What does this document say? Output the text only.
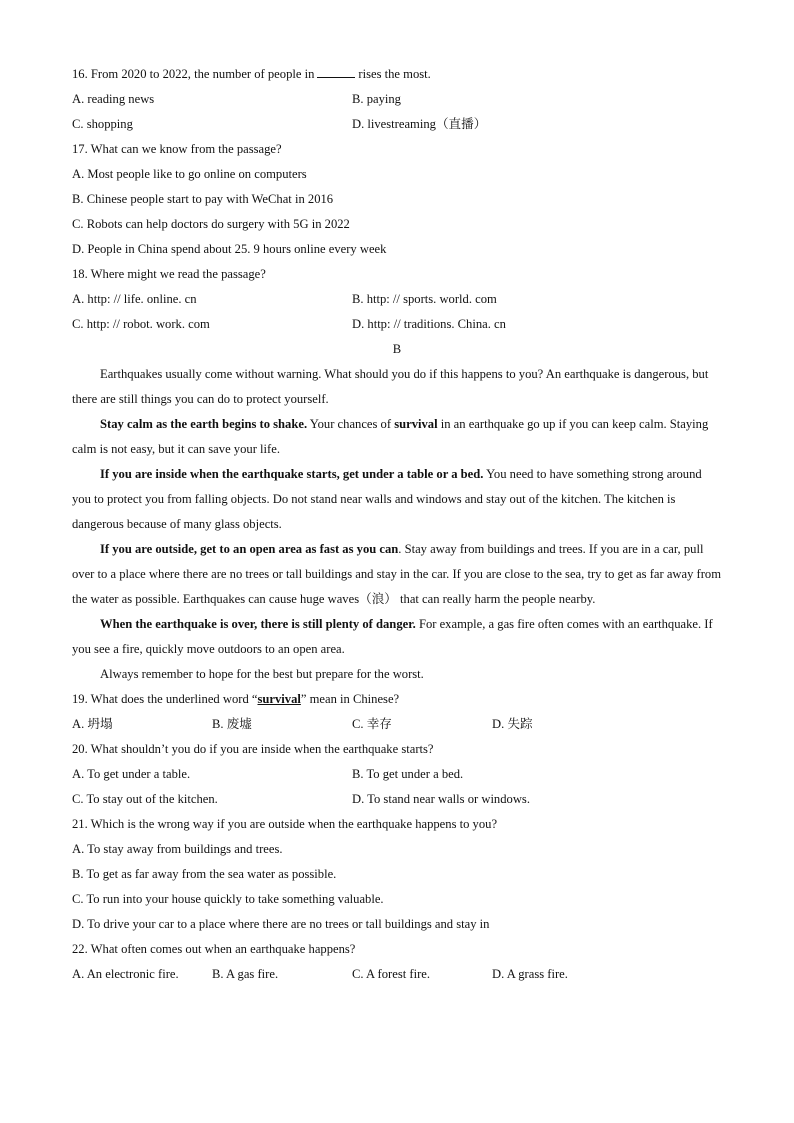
16. From 2020 to 2022, the number of people in	rises the most.
A. reading news	B. paying
C. shopping	D. livestreaming（直播）
17. What can we know from the passage?
A. Most people like to go online on computers
B. Chinese people start to pay with WeChat in 2016
C. Robots can help doctors do surgery with 5G in 2022
D. People in China spend about 25. 9 hours online every week
18. Where might we read the passage?
A. http: // life. online. cn	B. http: // sports. world. com
C. http: // robot. work. com	D. http: // traditions. China. cn
B
Earthquakes usually come without warning. What should you do if this happens to you? An earthquake is dangerous, but there are still things you can do to protect yourself.
Stay calm as the earth begins to shake. Your chances of survival in an earthquake go up if you can keep calm. Staying calm is not easy, but it can save your life.
If you are inside when the earthquake starts, get under a table or a bed. You need to have something strong around you to protect you from falling objects. Do not stand near walls and windows and stay out of the kitchen. The kitchen is dangerous because of many glass objects.
If you are outside, get to an open area as fast as you can. Stay away from buildings and trees. If you are in a car, pull over to a place where there are no trees or tall buildings and stay in the car. If you are close to the sea, try to get as far away from the water as possible. Earthquakes can cause huge waves（浪） that can really harm the people nearby.
When the earthquake is over, there is still plenty of danger. For example, a gas fire often comes with an earthquake. If you see a fire, quickly move outdoors to an open area.
Always remember to hope for the best but prepare for the worst.
19. What does the underlined word “survival” mean in Chinese?
A. 坍塌	B. 废墟	C. 幸存	D. 失踪
20. What shouldn’t you do if you are inside when the earthquake starts?
A. To get under a table.	B. To get under a bed.
C. To stay out of the kitchen.	D. To stand near walls or windows.
21. Which is the wrong way if you are outside when the earthquake happens to you?
A. To stay away from buildings and trees.
B. To get as far away from the sea water as possible.
C. To run into your house quickly to take something valuable.
D. To drive your car to a place where there are no trees or tall buildings and stay in
22. What often comes out when an earthquake happens?
A. An electronic fire.	B. A gas fire.	C. A forest fire.	D. A grass fire.
